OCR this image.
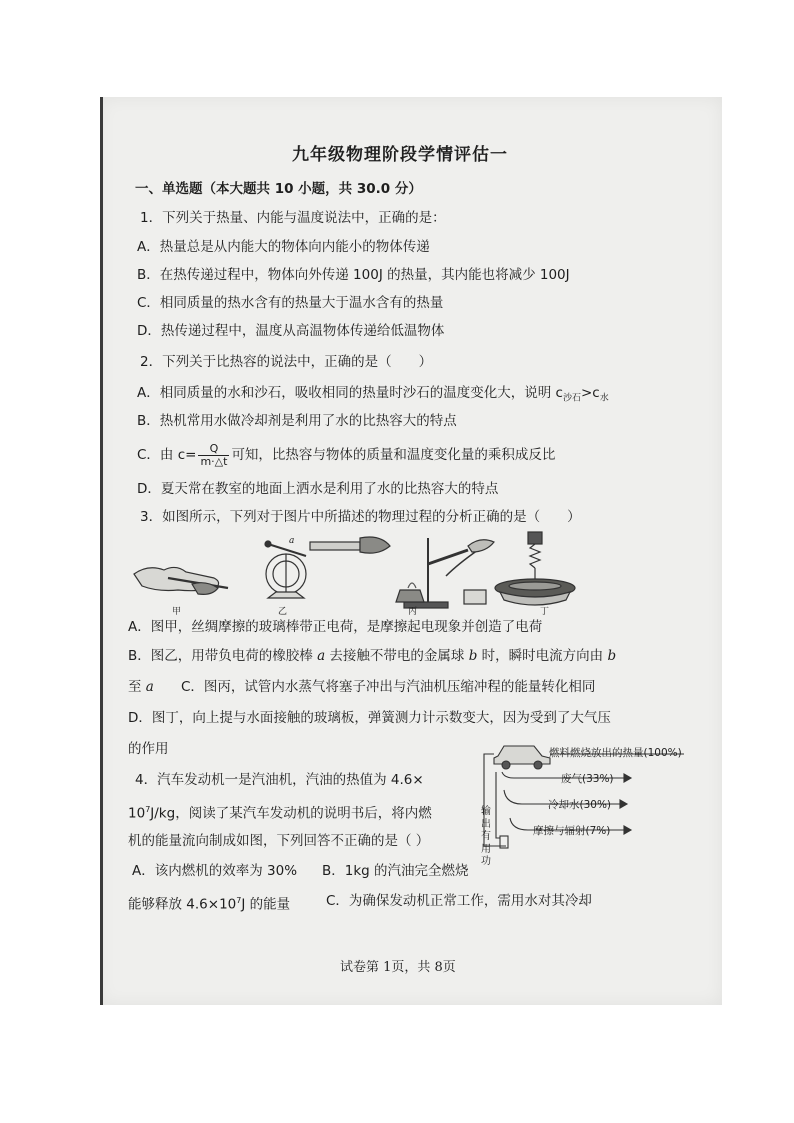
九年级物理阶段学情评估一
一、单选题（本大题共 10 小题，共 30.0 分）
1．下列关于热量、内能与温度说法中，正确的是：
A．热量总是从内能大的物体向内能小的物体传递
B．在热传递过程中，物体向外传递 100J 的热量，其内能也将减少 100J
C．相同质量的热水含有的热量大于温水含有的热量
D．热传递过程中，温度从高温物体传递给低温物体
2．下列关于比热容的说法中，正确的是（　　）
A．相同质量的水和沙石，吸收相同的热量时沙石的温度变化大，说明 $c_{沙石}>c_水$
B．热机常用水做冷却剂是利用了水的比热容大的特点
C．由 $c= \frac{Q}{m\cdot\triangle t}$ 可知，比热容与物体的质量和温度变化量的乘积成反比
D．夏天常在教室的地面上洒水是利用了水的比热容大的特点
3．如图所示，下列对于图片中所描述的物理过程的分析正确的是（　　）
a
甲	乙	丙	丁
A．图甲，丝绸摩擦的玻璃棒带正电荷，是摩擦起电现象并创造了电荷
B．图乙，用带负电荷的橡胶棒 a 去接触不带电的金属球 b 时，瞬时电流方向由 b
至 a C．图丙，试管内水蒸气将塞子冲出与汽油机压缩冲程的能量转化相同
D．图丁，向上提与水面接触的玻璃板，弹簧测力计示数变大，因为受到了大气压
的作用	燃料燃烧放出的热量(100%)
废气(33%)
冷却水(30%)
摩擦与辐射(7%)
输
出
有
用
功
4．汽车发动机一是汽油机，汽油的热值为 4.6×
$10^7J/kg$，阅读了某汽车发动机的说明书后，将内燃
机的能量流向制成如图，下列回答不正确的是（ ）
A．该内燃机的效率为 30% B．1kg 的汽油完全燃烧
能够释放 $4.6\times 10^7J$ 的能量	C．为确保发动机正常工作，需用水对其冷却
试卷第 1页，共 8页
